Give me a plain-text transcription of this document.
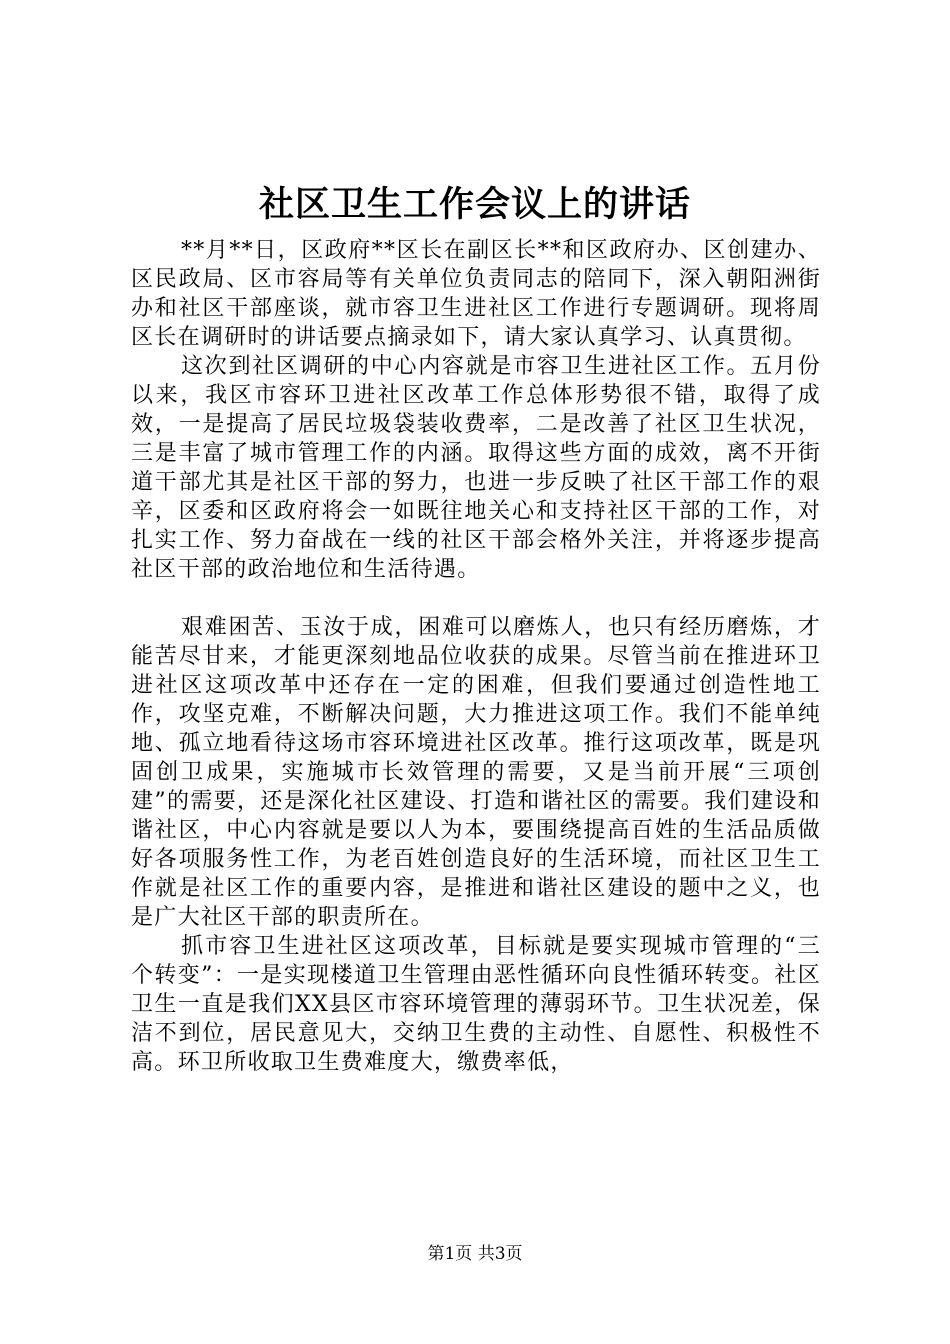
社区卫生工作会议上的讲话

**月**日，区政府**区长在副区长**和区政府办、区创建办、区民政局、区市容局等有关单位负责同志的陪同下，深入朝阳洲街办和社区干部座谈，就市容卫生进社区工作进行专题调研。现将周区长在调研时的讲话要点摘录如下，请大家认真学习、认真贯彻。

这次到社区调研的中心内容就是市容卫生进社区工作。五月份以来，我区市容环卫进社区改革工作总体形势很不错，取得了成效，一是提高了居民垃圾袋装收费率，二是改善了社区卫生状况，三是丰富了城市管理工作的内涵。取得这些方面的成效，离不开街道干部尤其是社区干部的努力，也进一步反映了社区干部工作的艰辛，区委和区政府将会一如既往地关心和支持社区干部的工作，对扎实工作、努力奋战在一线的社区干部会格外关注，并将逐步提高社区干部的政治地位和生活待遇。

艰难困苦、玉汝于成，困难可以磨炼人，也只有经历磨炼，才能苦尽甘来，才能更深刻地品位收获的成果。尽管当前在推进环卫进社区这项改革中还存在一定的困难，但我们要通过创造性地工作，攻坚克难，不断解决问题，大力推进这项工作。我们不能单纯地、孤立地看待这场市容环境进社区改革。推行这项改革，既是巩固创卫成果，实施城市长效管理的需要，又是当前开展“三项创建”的需要，还是深化社区建设、打造和谐社区的需要。我们建设和谐社区，中心内容就是要以人为本，要围绕提高百姓的生活品质做好各项服务性工作，为老百姓创造良好的生活环境，而社区卫生工作就是社区工作的重要内容，是推进和谐社区建设的题中之义，也是广大社区干部的职责所在。

抓市容卫生进社区这项改革，目标就是要实现城市管理的“三个转变”：一是实现楼道卫生管理由恶性循环向良性循环转变。社区卫生一直是我们XX县区市容环境管理的薄弱环节。卫生状况差，保洁不到位，居民意见大，交纳卫生费的主动性、自愿性、积极性不高。环卫所收取卫生费难度大，缴费率低，

第1页 共3页
